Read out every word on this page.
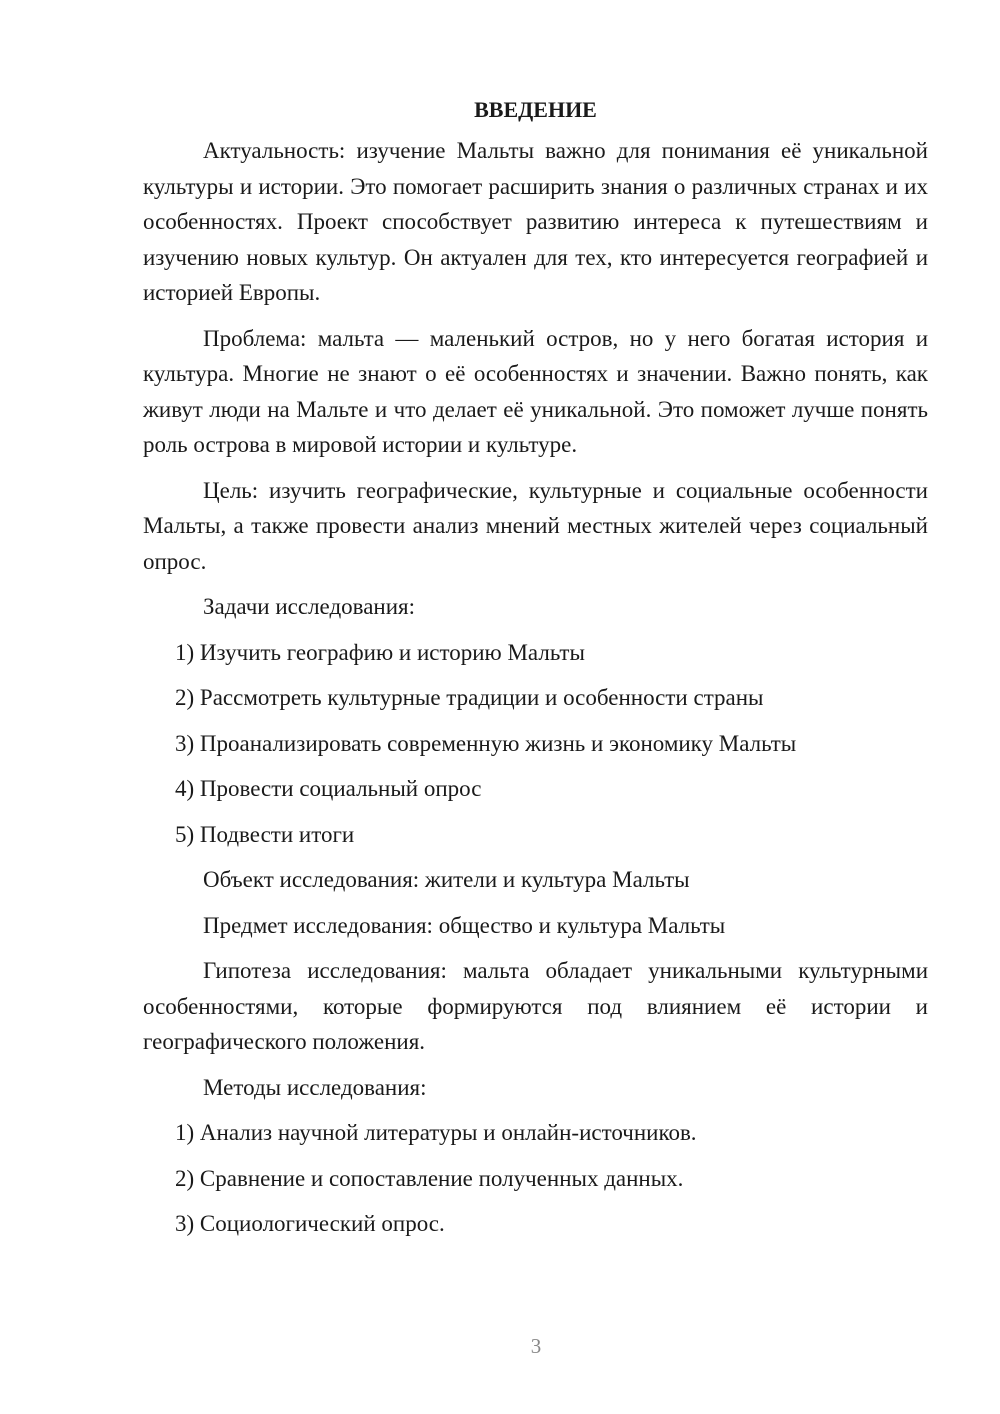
ВВЕДЕНИЕ

Актуальность: изучение Мальты важно для понимания её уникальной культуры и истории. Это помогает расширить знания о различных странах и их особенностях. Проект способствует развитию интереса к путешествиям и изучению новых культур. Он актуален для тех, кто интересуется географией и историей Европы.

Проблема: мальта — маленький остров, но у него богатая история и культура. Многие не знают о её особенностях и значении. Важно понять, как живут люди на Мальте и что делает её уникальной. Это поможет лучше понять роль острова в мировой истории и культуре.

Цель: изучить географические, культурные и социальные особенности Мальты, а также провести анализ мнений местных жителей через социальный опрос.

Задачи исследования:

1) Изучить географию и историю Мальты
2) Рассмотреть культурные традиции и особенности страны
3) Проанализировать современную жизнь и экономику Мальты
4) Провести социальный опрос
5) Подвести итоги

Объект исследования: жители и культура Мальты

Предмет исследования: общество и культура Мальты

Гипотеза исследования: мальта обладает уникальными культурными особенностями, которые формируются под влиянием её истории и географического положения.

Методы исследования:

1) Анализ научной литературы и онлайн-источников.
2) Сравнение и сопоставление полученных данных.
3) Социологический опрос.
3
